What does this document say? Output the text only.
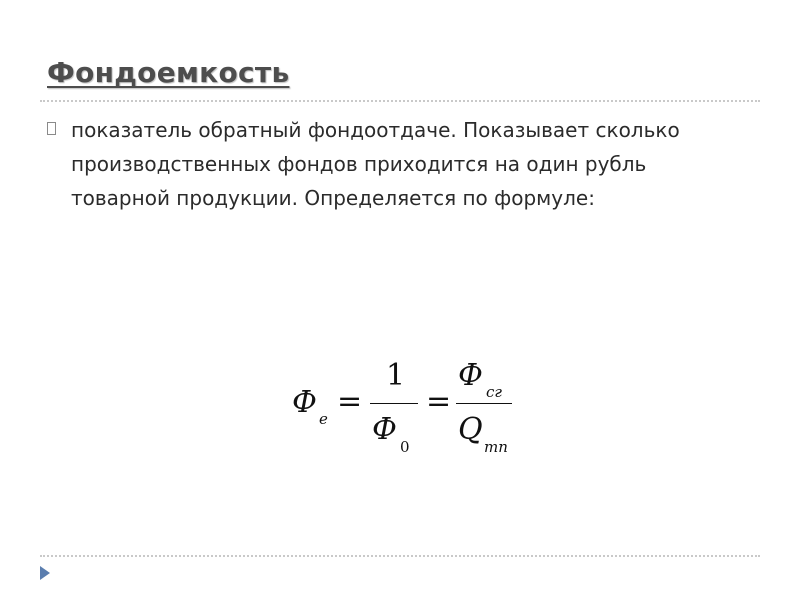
Фондоемкость
показатель обратный фондоотдаче. Показывает сколько производственных фондов приходится на один рубль товарной продукции. Определяется по формуле:
Ф е =
1
Ф 0
=
Ф сг
Q тп
